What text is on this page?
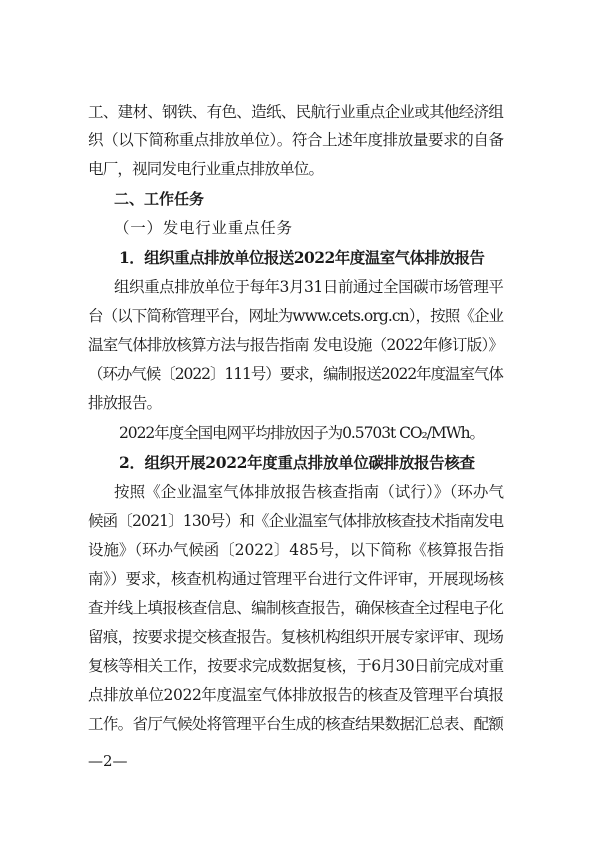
工、建材、钢铁、有色、造纸、民航行业重点企业或其他经济组
织（以下简称重点排放单位）。符合上述年度排放量要求的自备
电厂，视同发电行业重点排放单位。
二、工作任务
（一）发电行业重点任务
1．组织重点排放单位报送2022年度温室气体排放报告
组织重点排放单位于每年3月31日前通过全国碳市场管理平
台（以下简称管理平台，网址为www.cets.org.cn），按照《企业
温室气体排放核算方法与报告指南 发电设施（2022年修订版）》
（环办气候〔2022〕111号）要求，编制报送2022年度温室气体
排放报告。
2022年度全国电网平均排放因子为0.5703t CO₂/MWh。
2．组织开展2022年度重点排放单位碳排放报告核查
按照《企业温室气体排放报告核查指南（试行）》（环办气
候函〔2021〕130号）和《企业温室气体排放核查技术指南发电
设施》（环办气候函〔2022〕485号，以下简称《核算报告指
南》）要求，核查机构通过管理平台进行文件评审，开展现场核
查并线上填报核查信息、编制核查报告，确保核查全过程电子化
留痕，按要求提交核查报告。复核机构组织开展专家评审、现场
复核等相关工作，按要求完成数据复核，于6月30日前完成对重
点排放单位2022年度温室气体排放报告的核查及管理平台填报
工作。省厅气候处将管理平台生成的核查结果数据汇总表、配额
—2—
